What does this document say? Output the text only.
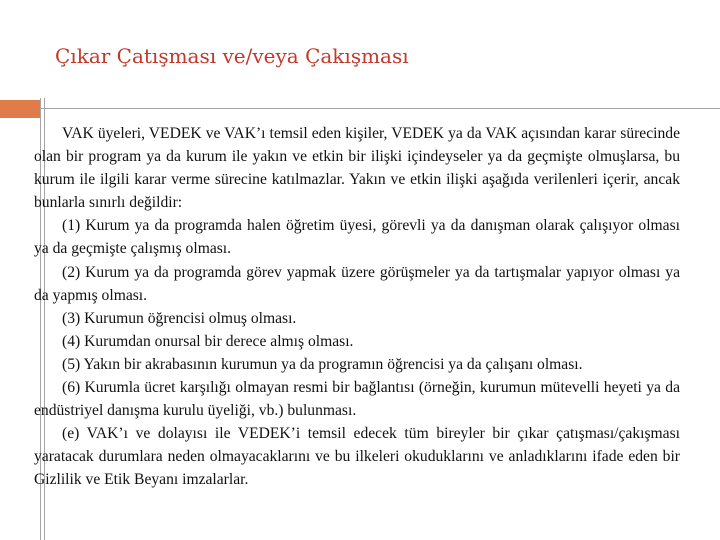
Çıkar Çatışması ve/veya Çakışması

VAK üyeleri, VEDEK ve VAK’ı temsil eden kişiler, VEDEK ya da VAK açısından karar sürecinde olan bir program ya da kurum ile yakın ve etkin bir ilişki içindeyseler ya da geçmişte olmuşlarsa, bu kurum ile ilgili karar verme sürecine katılmazlar. Yakın ve etkin ilişki aşağıda verilenleri içerir, ancak bunlarla sınırlı değildir:

(1) Kurum ya da programda halen öğretim üyesi, görevli ya da danışman olarak çalışıyor olması ya da geçmişte çalışmış olması.

(2) Kurum ya da programda görev yapmak üzere görüşmeler ya da tartışmalar yapıyor olması ya da yapmış olması.

(3) Kurumun öğrencisi olmuş olması.

(4) Kurumdan onursal bir derece almış olması.

(5) Yakın bir akrabasının kurumun ya da programın öğrencisi ya da çalışanı olması.

(6) Kurumla ücret karşılığı olmayan resmi bir bağlantısı (örneğin, kurumun mütevelli heyeti ya da endüstriyel danışma kurulu üyeliği, vb.) bulunması.

(e) VAK’ı ve dolayısı ile VEDEK’i temsil edecek tüm bireyler bir çıkar çatışması/çakışması yaratacak durumlara neden olmayacaklarını ve bu ilkeleri okuduklarını ve anladıklarını ifade eden bir Gizlilik ve Etik Beyanı imzalarlar.
